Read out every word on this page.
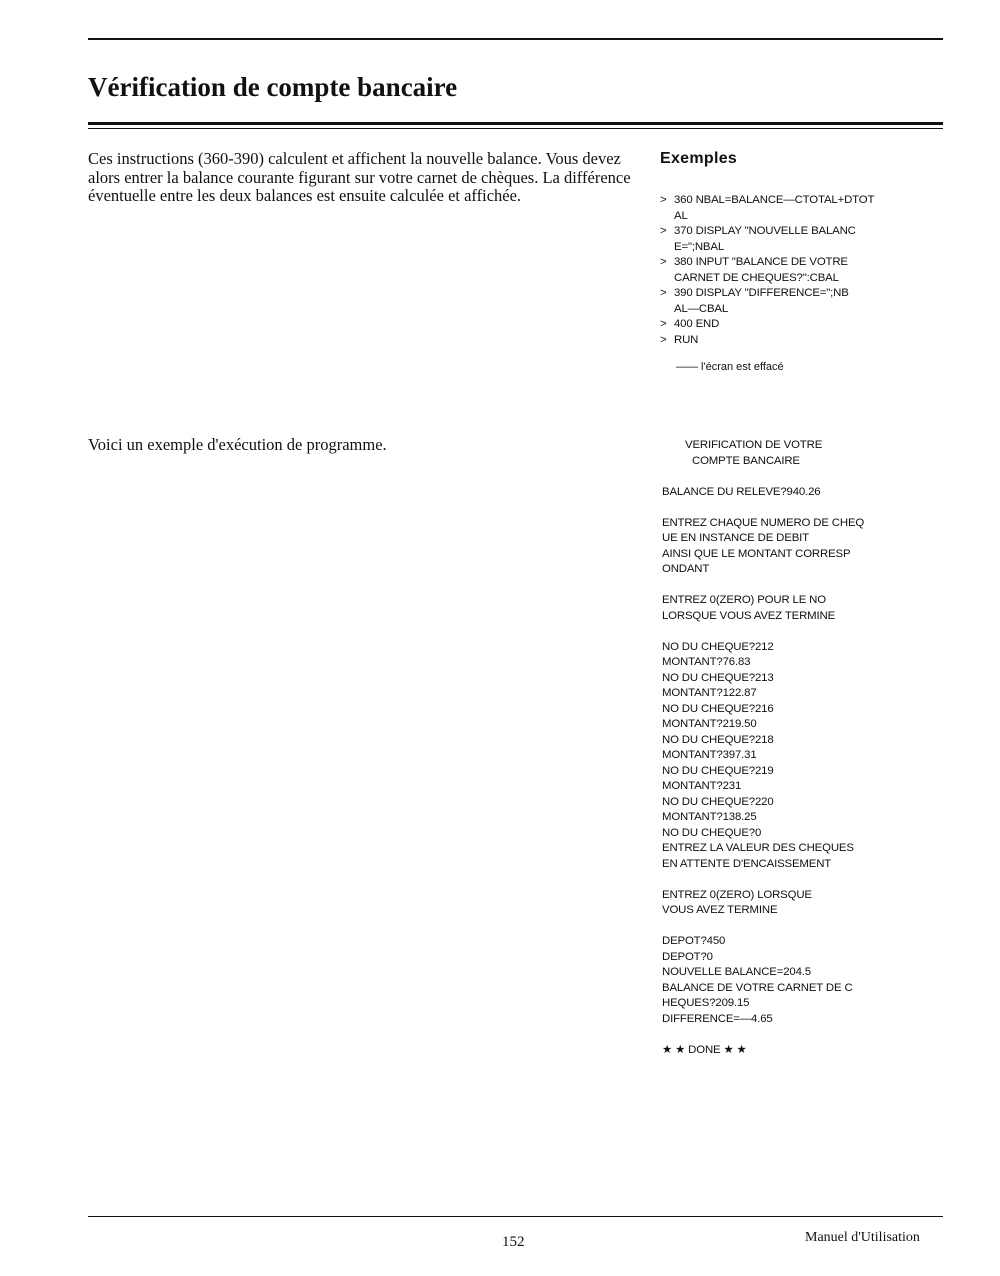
Vérification de compte bancaire

Ces instructions (360-390) calculent et affichent la nouvelle balance. Vous devez alors entrer la balance courante figurant sur votre carnet de chèques. La différence éventuelle entre les deux balances est ensuite calculée et affichée.

Exemples
> 360 NBAL=BALANCE—CTOTAL+DTOT
AL
> 370 DISPLAY "NOUVELLE BALANC
E=";NBAL
> 380 INPUT "BALANCE DE VOTRE
CARNET DE CHEQUES?":CBAL
> 390 DISPLAY "DIFFERENCE=";NB
AL—CBAL
> 400 END
> RUN

—— l'écran est effacé

Voici un exemple d'exécution de programme.	VERIFICATION DE VOTRE
COMPTE BANCAIRE
BALANCE DU RELEVE?940.26
ENTREZ CHAQUE NUMERO DE CHEQ
UE EN INSTANCE DE DEBIT
AINSI QUE LE MONTANT CORRESP
ONDANT
ENTREZ 0(ZERO) POUR LE NO
LORSQUE VOUS AVEZ TERMINE
NO DU CHEQUE?212
MONTANT?76.83
NO DU CHEQUE?213
MONTANT?122.87
NO DU CHEQUE?216
MONTANT?219.50
NO DU CHEQUE?218
MONTANT?397.31
NO DU CHEQUE?219
MONTANT?231
NO DU CHEQUE?220
MONTANT?138.25
NO DU CHEQUE?0
ENTREZ LA VALEUR DES CHEQUES
EN ATTENTE D'ENCAISSEMENT
ENTREZ 0(ZERO) LORSQUE
VOUS AVEZ TERMINE
DEPOT?450
DEPOT?0
NOUVELLE BALANCE=204.5
BALANCE DE VOTRE CARNET DE C
HEQUES?209.15
DIFFERENCE=—4.65
★ ★ DONE ★ ★

152	Manuel d'Utilisation
